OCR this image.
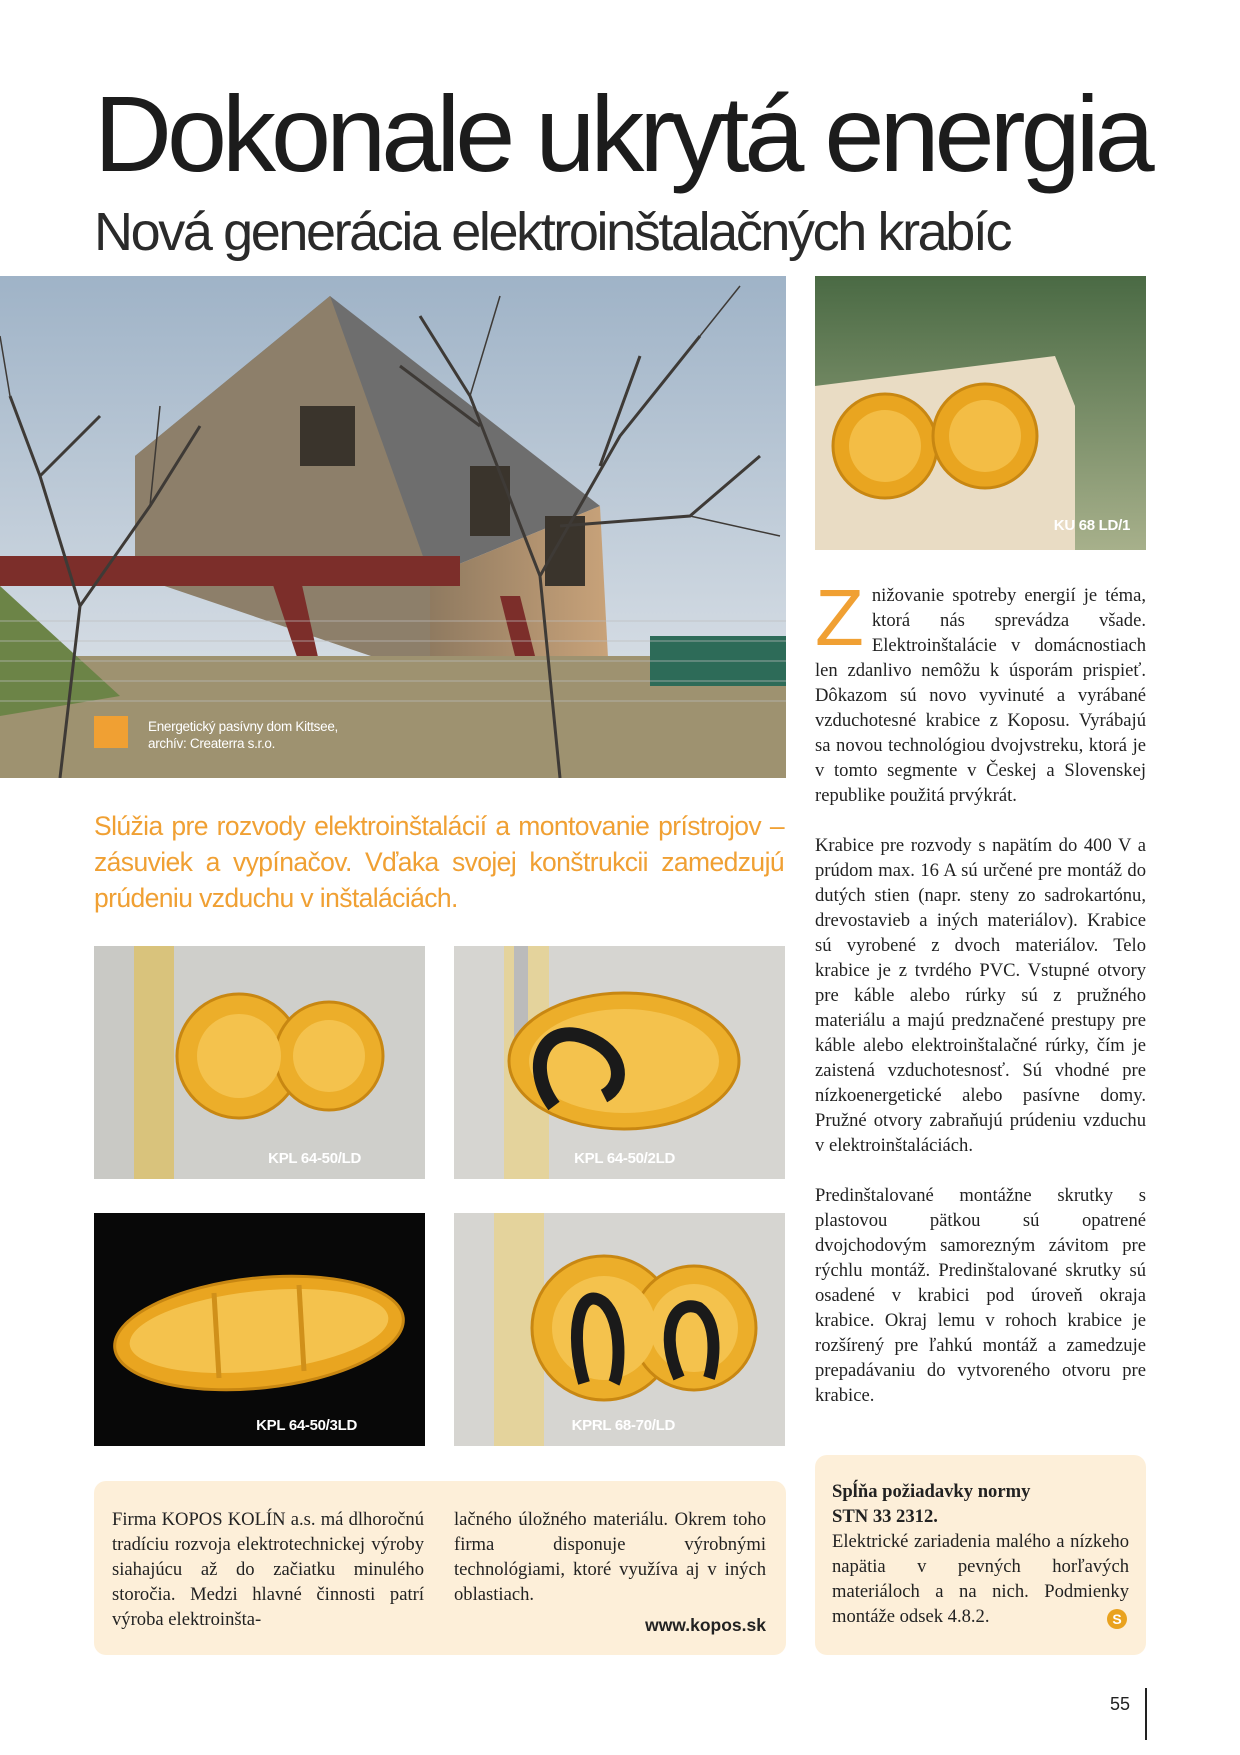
Dokonale ukrytá energia
Nová generácia elektroinštalačných krabíc
Energetický pasívny dom Kittsee,
archív: Createrra s.r.o.
KU 68 LD/1
Slúžia pre rozvody elektroinštalácií a montovanie prístrojov – zásuviek a vypínačov. Vďaka svojej konštrukcii zamedzujú prúdeniu vzduchu v inštaláciách.
KPL 64-50/LD	KPL 64-50/2LD
KPL 64-50/3LD	KPRL 68-70/LD

Znižovanie spotreby energií je téma, ktorá nás sprevádza všade. Elektroinštalácie v domácnostiach len zdanlivo nemôžu k úsporám prispieť. Dôkazom sú novo vyvinuté a vyrábané vzduchotesné krabice z Koposu. Vyrábajú sa novou technológiou dvojvstreku, ktorá je v tomto segmente v Českej a Slovenskej republike použitá prvýkrát.

Krabice pre rozvody s napätím do 400 V a prúdom max. 16 A sú určené pre montáž do dutých stien (napr. steny zo sadrokartónu, drevostavieb a iných materiálov). Krabice sú vyrobené z dvoch materiálov. Telo krabice je z tvrdého PVC. Vstupné otvory pre káble alebo rúrky sú z pružného materiálu a majú predznačené prestupy pre káble alebo elektroinštalačné rúrky, čím je zaistená vzduchotesnosť. Sú vhodné pre nízkoenergetické alebo pasívne domy. Pružné otvory zabraňujú prúdeniu vzduchu v elektroinštaláciách.

Predinštalované montážne skrutky s plastovou pätkou sú opatrené dvojchodovým samorezným závitom pre rýchlu montáž. Predinštalované skrutky sú osadené v krabici pod úroveň okraja krabice. Okraj lemu v rohoch krabice je rozšírený pre ľahkú montáž a zamedzuje prepadávaniu do vytvoreného otvoru pre krabice.

Firma KOPOS KOLÍN a.s. má dlhoročnú tradíciu rozvoja elektrotechnickej výroby siahajúcu až do začiatku minulého storočia. Medzi hlavné činnosti patrí výroba elektroinšta-
lačného úložného materiálu. Okrem toho firma disponuje výrobnými technológiami, ktoré využíva aj v iných oblastiach.
www.kopos.sk
Spĺňa požiadavky normy
STN 33 2312.
Elektrické zariadenia malého a nízkeho napätia v pevných horľavých materiáloch a na nich. Podmienky montáže odsek 4.8.2.	S
55
